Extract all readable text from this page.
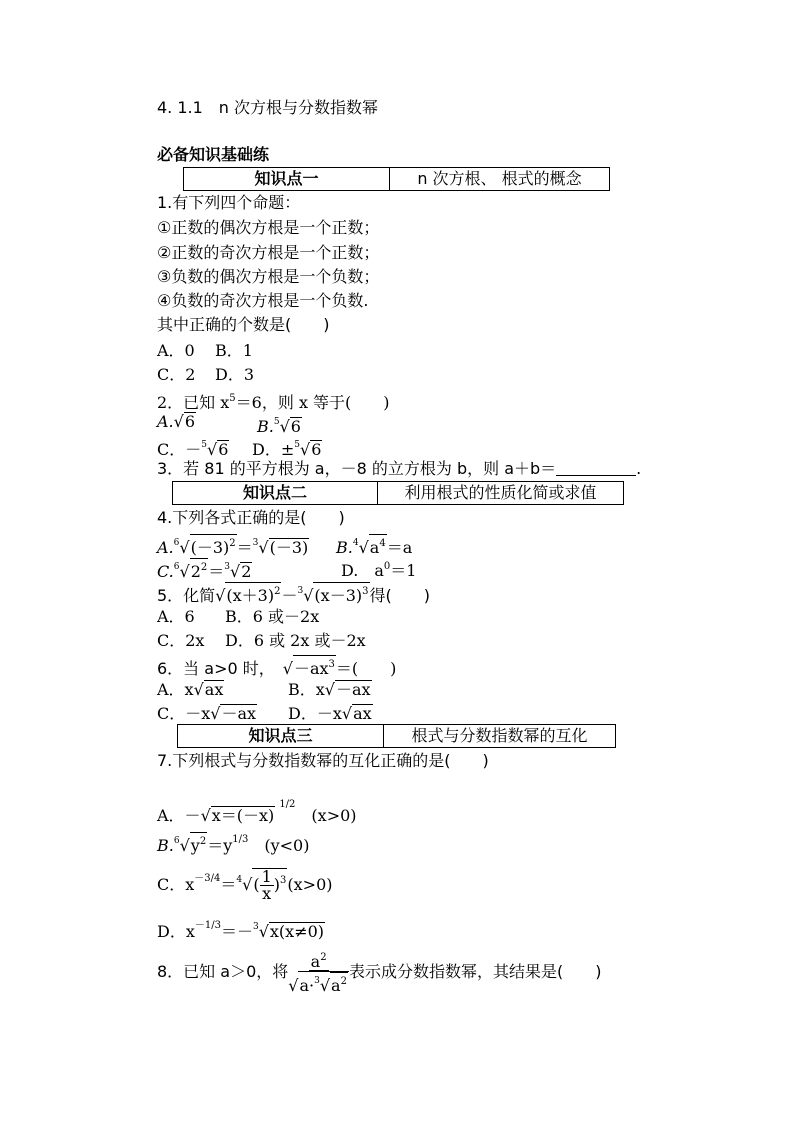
4. 1.1　n 次方根与分数指数幂
必备知识基础练
知识点一	n 次方根、 根式的概念
1.有下列四个命题：
①正数的偶次方根是一个正数；
②正数的奇次方根是一个正数；
③负数的偶次方根是一个负数；
④负数的奇次方根是一个负数.
其中正确的个数是(　　)
A．0 B．1
C．2 D．3
2．已知 $x^5=6$，则 x 等于(　　)
A.√6	B.$^5$√6
C．－$^5$√6 D．±$^5$√6
3．若 81 的平方根为 a，－8 的立方根为 b，则 a＋b＝	.
知识点二	利用根式的性质化简或求值
4.下列各式正确的是(　　)
$A.^6√(-3)^2=^3√(-3)$ $B.^4√a^4=a$
$C.^6√2^2=^3√2$	D.　$a^0=1$
5．化简$√(x+3)^2-^3√(x-3)^3$得(　　)
A．6 B．6 或－2x
C．2x D．6 或 2x 或－2x
6．当 a>0 时，　$√-ax^3=$(　　)
A．x√ax	B．x√－ax
C．－x√－ax D．－x√ax
知识点三	根式与分数指数幂的互化
7.下列根式与分数指数幂的互化正确的是(　　)
A．$-√x=(-x)^{1/2}$　(x>0)
$B.^6√y^2=y^{1/3}$　 (y<0)
C．$x^{-3/4}=^4√( \frac{1}{x} )^3(x>0)$
D．$x^{-1/3}=-^3√x(x\ne 0)$
8．已知 a＞0，将 $\frac{a^2}{√a\cdot^3√a^2}$ 表示成分数指数幂，其结果是(　　)
